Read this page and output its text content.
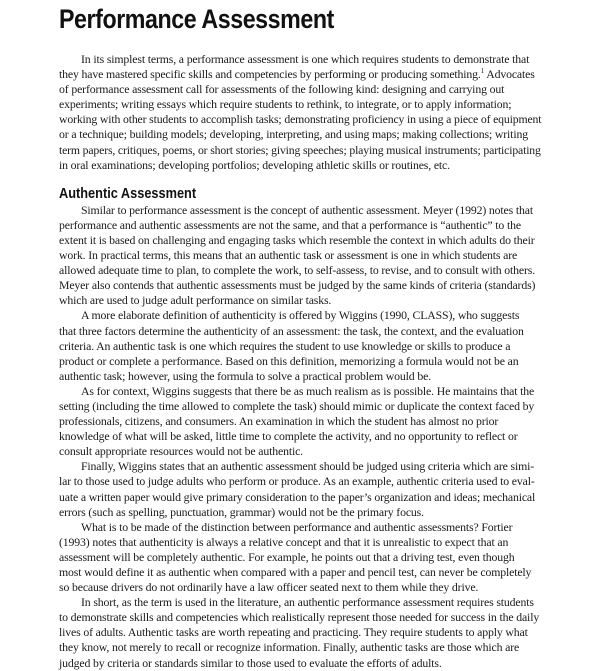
Performance Assessment

In its simplest terms, a performance assessment is one which requires students to demonstrate that
they have mastered specific skills and competencies by performing or producing something.$^1$ Advocates
of performance assessment call for assessments of the following kind: designing and carrying out
experiments; writing essays which require students to rethink, to integrate, or to apply information;
working with other students to accomplish tasks; demonstrating proficiency in using a piece of equipment
or a technique; building models; developing, interpreting, and using maps; making collections; writing
term papers, critiques, poems, or short stories; giving speeches; playing musical instruments; participating
in oral examinations; developing portfolios; developing athletic skills or routines, etc.

Authentic Assessment

Similar to performance assessment is the concept of authentic assessment. Meyer (1992) notes that
performance and authentic assessments are not the same, and that a performance is “authentic” to the
extent it is based on challenging and engaging tasks which resemble the context in which adults do their
work. In practical terms, this means that an authentic task or assessment is one in which students are
allowed adequate time to plan, to complete the work, to self-assess, to revise, and to consult with others.
Meyer also contends that authentic assessments must be judged by the same kinds of criteria (standards)
which are used to judge adult performance on similar tasks.

A more elaborate definition of authenticity is offered by Wiggins (1990, CLASS), who suggests
that three factors determine the authenticity of an assessment: the task, the context, and the evaluation
criteria. An authentic task is one which requires the student to use knowledge or skills to produce a
product or complete a performance. Based on this definition, memorizing a formula would not be an
authentic task; however, using the formula to solve a practical problem would be.

As for context, Wiggins suggests that there be as much realism as is possible. He maintains that the
setting (including the time allowed to complete the task) should mimic or duplicate the context faced by
professionals, citizens, and consumers. An examination in which the student has almost no prior
knowledge of what will be asked, little time to complete the activity, and no opportunity to reflect or
consult appropriate resources would not be authentic.

Finally, Wiggins states that an authentic assessment should be judged using criteria which are simi-
lar to those used to judge adults who perform or produce. As an example, authentic criteria used to eval-
uate a written paper would give primary consideration to the paper’s organization and ideas; mechanical
errors (such as spelling, punctuation, grammar) would not be the primary focus.

What is to be made of the distinction between performance and authentic assessments? Fortier
(1993) notes that authenticity is always a relative concept and that it is unrealistic to expect that an
assessment will be completely authentic. For example, he points out that a driving test, even though
most would define it as authentic when compared with a paper and pencil test, can never be completely
so because drivers do not ordinarily have a law officer seated next to them while they drive.

In short, as the term is used in the literature, an authentic performance assessment requires students
to demonstrate skills and competencies which realistically represent those needed for success in the daily
lives of adults. Authentic tasks are worth repeating and practicing. They require students to apply what
they know, not merely to recall or recognize information. Finally, authentic tasks are those which are
judged by criteria or standards similar to those used to evaluate the efforts of adults.
